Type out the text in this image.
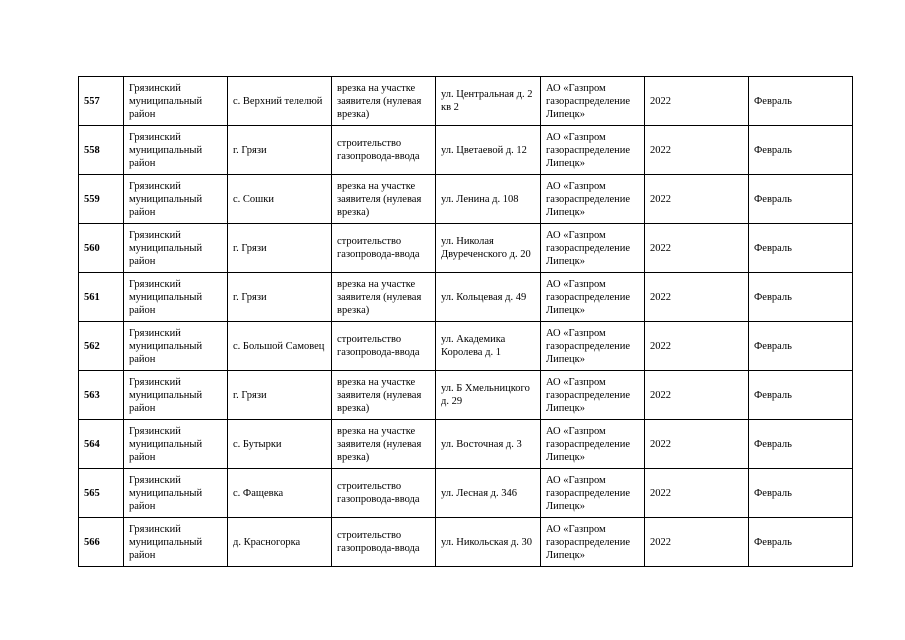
557	Грязинский муниципальный район	с. Верхний телелюй	врезка на участке заявителя (нулевая врезка)	ул. Центральная д. 2 кв 2	АО «Газпром газораспределение Липецк»	2022	Февраль
558	Грязинский муниципальный район	г. Грязи	строительство газопровода-ввода	ул. Цветаевой д. 12	АО «Газпром газораспределение Липецк»	2022	Февраль
559	Грязинский муниципальный район	с. Сошки	врезка на участке заявителя (нулевая врезка)	ул. Ленина д. 108	АО «Газпром газораспределение Липецк»	2022	Февраль
560	Грязинский муниципальный район	г. Грязи	строительство газопровода-ввода	ул. Николая Двуреченского д. 20	АО «Газпром газораспределение Липецк»	2022	Февраль
561	Грязинский муниципальный район	г. Грязи	врезка на участке заявителя (нулевая врезка)	ул. Кольцевая д. 49	АО «Газпром газораспределение Липецк»	2022	Февраль
562	Грязинский муниципальный район	с. Большой Самовец	строительство газопровода-ввода	ул. Академика Королева д. 1	АО «Газпром газораспределение Липецк»	2022	Февраль
563	Грязинский муниципальный район	г. Грязи	врезка на участке заявителя (нулевая врезка)	ул. Б Хмельницкого д. 29	АО «Газпром газораспределение Липецк»	2022	Февраль
564	Грязинский муниципальный район	с. Бутырки	врезка на участке заявителя (нулевая врезка)	ул. Восточная д. 3	АО «Газпром газораспределение Липецк»	2022	Февраль
565	Грязинский муниципальный район	с. Фащевка	строительство газопровода-ввода	ул. Лесная д. 346	АО «Газпром газораспределение Липецк»	2022	Февраль
566	Грязинский муниципальный район	д. Красногорка	строительство газопровода-ввода	ул. Никольская д. 30	АО «Газпром газораспределение Липецк»	2022	Февраль
